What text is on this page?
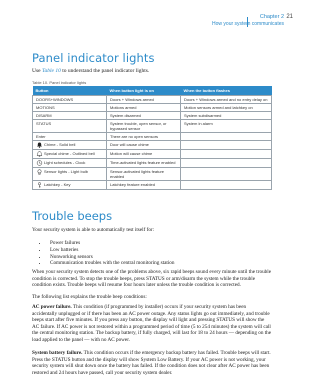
Chapter 2
How your system communicates
21
Panel indicator lights
Use Table 10 to understand the panel indicator lights.
Table 10. Panel indicator lights
Button	When button light is on	When the button flashes
DOORS+WINDOWS	Doors + Windows armed	Doors + Windows armed and no entry delay on
MOTIONS	Motions armed	Motion sensors armed and latchkey on
DISARM	System disarmed	System subdisarmed
STATUS	System trouble, open sensor, or bypassed sensor	System in alarm
Enter	There are no open sensors	

Chime - Solid bell	Door will cause chime	

Special chime - Outlined bell	Motion will cause chime	

Light schedules - Clock	Time-activated lights feature enabled	

Sensor lights - Light bulb	Sensor-activated lights feature enabled	

Latchkey - Key	Latchkey feature enabled	
Trouble beeps
Your security system is able to automatically test itself for:
• Power failures
• Low batteries
• Nonworking sensors
• Communication troubles with the central monitoring station
When your security system detects one of the problems above, six rapid beeps sound every minute until the trouble condition is corrected. To stop the trouble beeps, press STATUS or arm/disarm the system while the trouble condition exists. Trouble beeps will resume four hours later unless the trouble condition is corrected.
The following list explains the trouble beep conditions:
AC power failure. This condition (if programmed by installer) occurs if your security system has been accidentally unplugged or if there has been an AC power outage. Any status lights go out immediately, and trouble beeps start after five minutes. If you press any button, the display will light and pressing STATUS will show the AC failure. If AC power is not restored within a programmed period of time (5 to 254 minutes) the system will call the central monitoring station. The backup battery, if fully charged, will last for 18 to 24 hours — depending on the load applied to the panel — with no AC power.
System battery failure. This condition occurs if the emergency backup battery has failed. Trouble beeps will start. Press the STATUS button and the display will show System Low Battery. If your AC power is not working, your security system will shut down once the battery has failed. If the condition does not clear after AC power has been restored and 24 hours have passed, call your security system dealer.
